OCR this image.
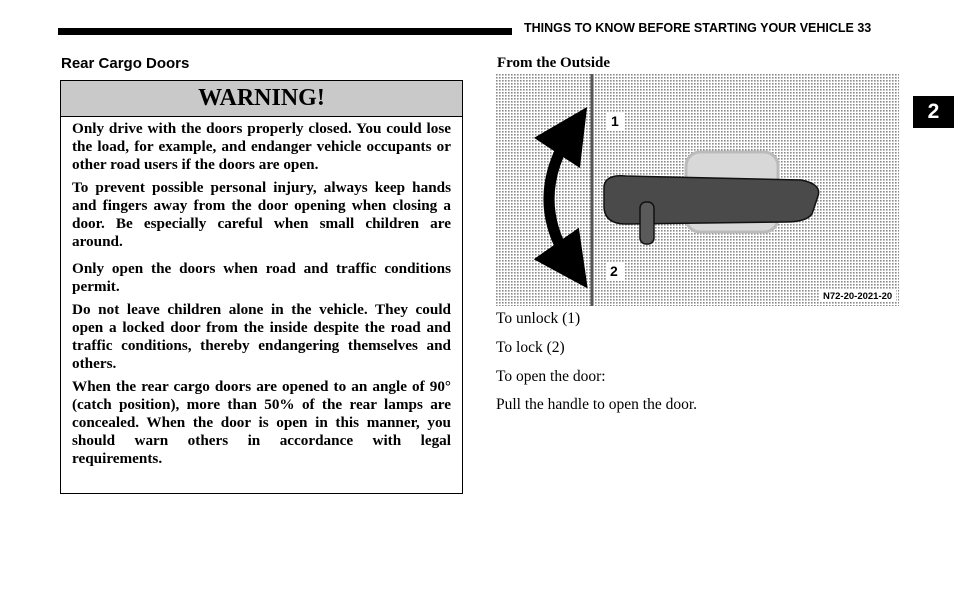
THINGS TO KNOW BEFORE STARTING YOUR VEHICLE 33
2
Rear Cargo Doors
WARNING!

Only drive with the doors properly closed. You could lose the load, for example, and endanger vehicle occupants or other road users if the doors are open.

To prevent possible personal injury, always keep hands and fingers away from the door opening when closing a door. Be especially careful when small children are around.

Only open the doors when road and traffic conditions permit.

Do not leave children alone in the vehicle. They could open a locked door from the inside despite the road and traffic conditions, thereby endangering themselves and others.

When the rear cargo doors are opened to an angle of 90° (catch position), more than 50% of the rear lamps are concealed. When the door is open in this manner, you should warn others in accordance with legal requirements.

From the Outside
1
2
N72-20-2021-20
To unlock (1)
To lock (2)
To open the door:
Pull the handle to open the door.
